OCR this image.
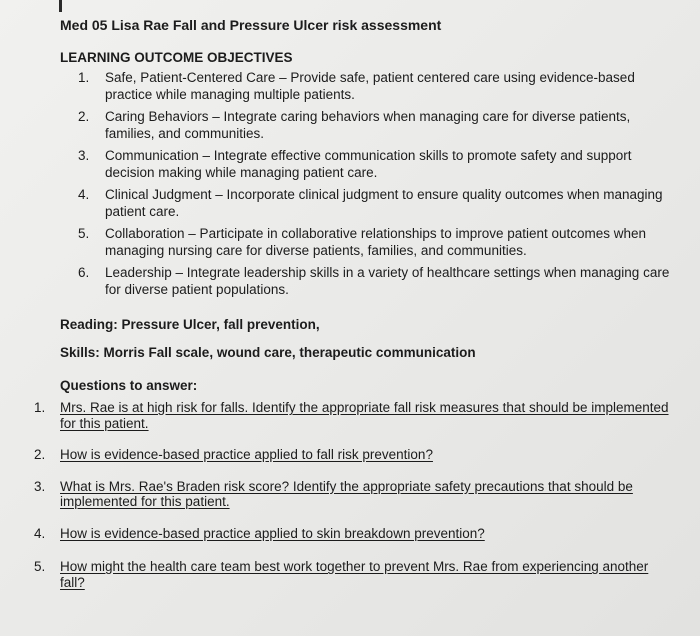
Med 05 Lisa Rae Fall and Pressure Ulcer risk assessment
LEARNING OUTCOME OBJECTIVES
1.	Safe, Patient-Centered Care – Provide safe, patient centered care using evidence-based practice while managing multiple patients.
2.	Caring Behaviors – Integrate caring behaviors when managing care for diverse patients, families, and communities.
3.	Communication – Integrate effective communication skills to promote safety and support decision making while managing patient care.
4.	Clinical Judgment – Incorporate clinical judgment to ensure quality outcomes when managing patient care.
5.	Collaboration – Participate in collaborative relationships to improve patient outcomes when managing nursing care for diverse patients, families, and communities.
6.	Leadership – Integrate leadership skills in a variety of healthcare settings when managing care for diverse patient populations.
Reading: Pressure Ulcer, fall prevention,
Skills: Morris Fall scale, wound care, therapeutic communication
Questions to answer:
1.	Mrs. Rae is at high risk for falls. Identify the appropriate fall risk measures that should be implemented for this patient.
2.	How is evidence-based practice applied to fall risk prevention?
3.	What is Mrs. Rae's Braden risk score? Identify the appropriate safety precautions that should be implemented for this patient.
4.	How is evidence-based practice applied to skin breakdown prevention?
5.	How might the health care team best work together to prevent Mrs. Rae from experiencing another fall?
